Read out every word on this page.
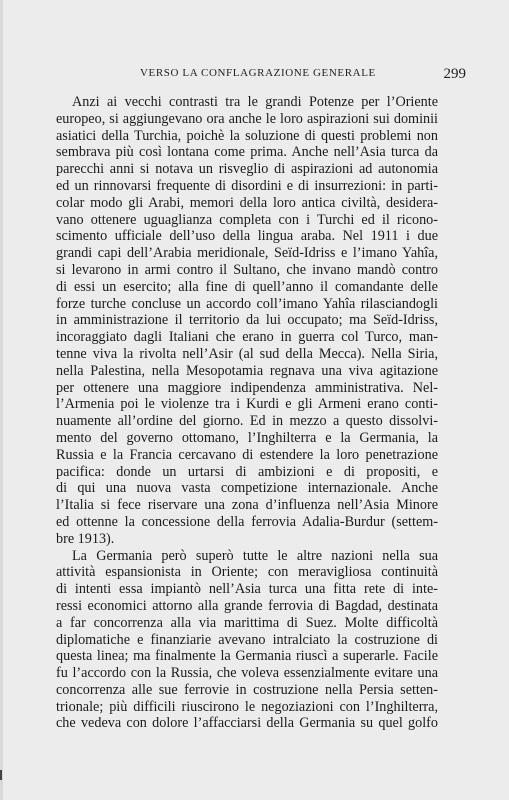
VERSO LA CONFLAGRAZIONE GENERALE	299
Anzi ai vecchi contrasti tra le grandi Potenze per l’Oriente
europeo, si aggiungevano ora anche le loro aspirazioni sui dominii
asiatici della Turchia, poichè la soluzione di questi problemi non
sembrava più così lontana come prima. Anche nell’Asia turca da
parecchi anni si notava un risveglio di aspirazioni ad autonomia
ed un rinnovarsi frequente di disordini e di insurrezioni: in parti-
colar modo gli Arabi, memori della loro antica civiltà, desidera-
vano ottenere uguaglianza completa con i Turchi ed il ricono-
scimento ufficiale dell’uso della lingua araba. Nel 1911 i due
grandi capi dell’Arabia meridionale, Seïd-Idriss e l’imano Yahîa,
si levarono in armi contro il Sultano, che invano mandò contro
di essi un esercito; alla fine di quell’anno il comandante delle
forze turche concluse un accordo coll’imano Yahîa rilasciandogli
in amministrazione il territorio da lui occupato; ma Seïd-Idriss,
incoraggiato dagli Italiani che erano in guerra col Turco, man-
tenne viva la rivolta nell’Asir (al sud della Mecca). Nella Siria,
nella Palestina, nella Mesopotamia regnava una viva agitazione
per ottenere una maggiore indipendenza amministrativa. Nel-
l’Armenia poi le violenze tra i Kurdi e gli Armeni erano conti-
nuamente all’ordine del giorno. Ed in mezzo a questo dissolvi-
mento del governo ottomano, l’Inghilterra e la Germania, la
Russia e la Francia cercavano di estendere la loro penetrazione
pacifica: donde un urtarsi di ambizioni e di propositi, e
di qui una nuova vasta competizione internazionale. Anche
l’Italia si fece riservare una zona d’influenza nell’Asia Minore
ed ottenne la concessione della ferrovia Adalia-Burdur (settem-
bre 1913).
La Germania però superò tutte le altre nazioni nella sua
attività espansionista in Oriente; con meravigliosa continuità
di intenti essa impiantò nell’Asia turca una fitta rete di inte-
ressi economici attorno alla grande ferrovia di Bagdad, destinata
a far concorrenza alla via marittima di Suez. Molte difficoltà
diplomatiche e finanziarie avevano intralciato la costruzione di
questa linea; ma finalmente la Germania riuscì a superarle. Facile
fu l’accordo con la Russia, che voleva essenzialmente evitare una
concorrenza alle sue ferrovie in costruzione nella Persia setten-
trionale; più difficili riuscirono le negoziazioni con l’Inghilterra,
che vedeva con dolore l’affacciarsi della Germania su quel golfo
